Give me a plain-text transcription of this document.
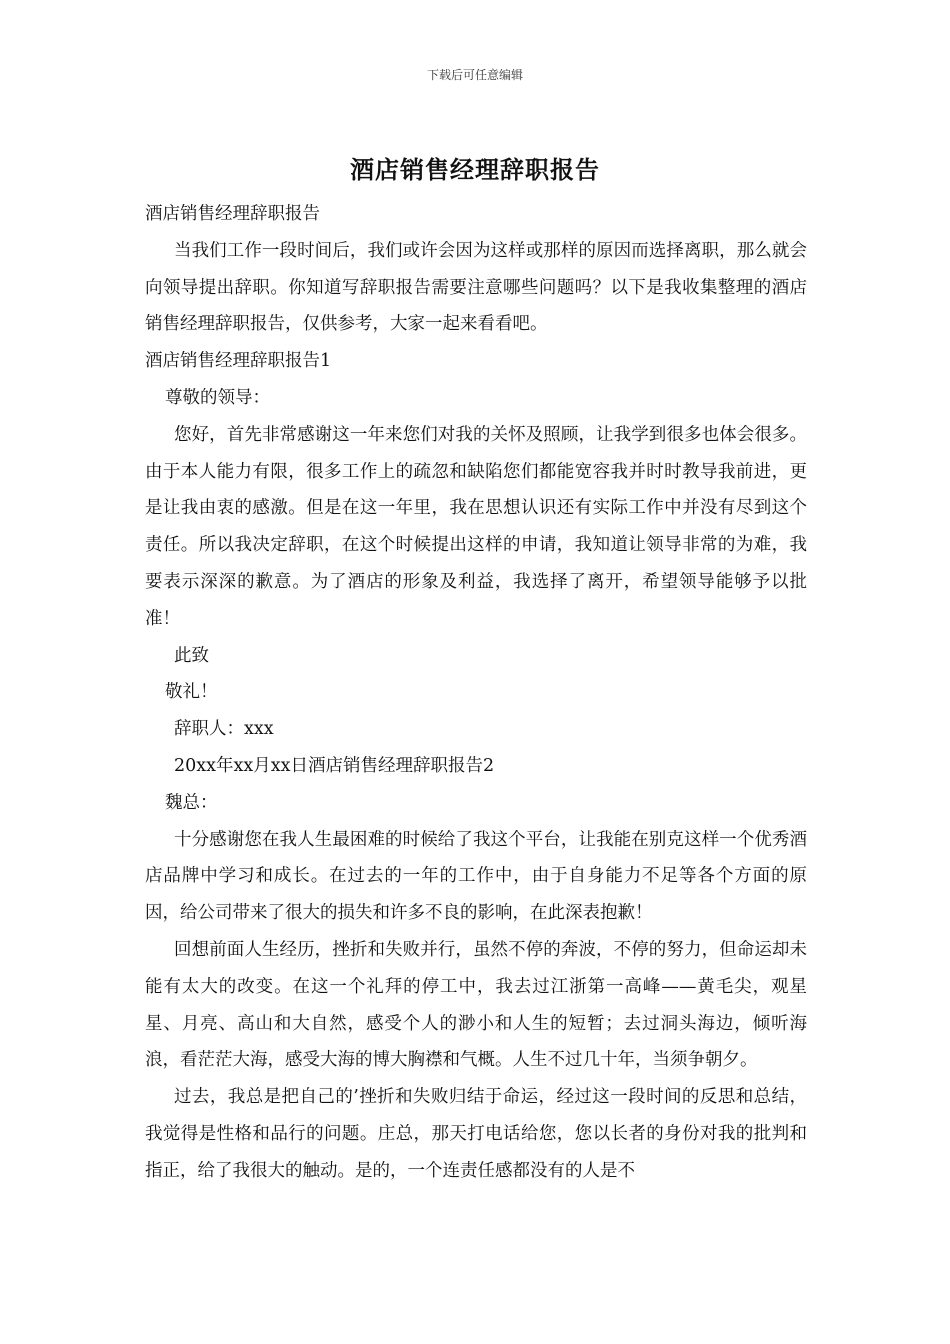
下载后可任意编辑
酒店销售经理辞职报告

酒店销售经理辞职报告

当我们工作一段时间后，我们或许会因为这样或那样的原因而选择离职，那么就会向领导提出辞职。你知道写辞职报告需要注意哪些问题吗？以下是我收集整理的酒店销售经理辞职报告，仅供参考，大家一起来看看吧。

酒店销售经理辞职报告1

尊敬的领导：

您好，首先非常感谢这一年来您们对我的关怀及照顾，让我学到很多也体会很多。由于本人能力有限，很多工作上的疏忽和缺陷您们都能宽容我并时时教导我前进，更是让我由衷的感激。但是在这一年里，我在思想认识还有实际工作中并没有尽到这个责任。所以我决定辞职，在这个时候提出这样的申请，我知道让领导非常的为难，我要表示深深的歉意。为了酒店的形象及利益，我选择了离开，希望领导能够予以批准！

此致

敬礼！

辞职人：xxx

20xx年xx月xx日酒店销售经理辞职报告2

魏总：

十分感谢您在我人生最困难的时候给了我这个平台，让我能在别克这样一个优秀酒店品牌中学习和成长。在过去的一年的工作中，由于自身能力不足等各个方面的原因，给公司带来了很大的损失和许多不良的影响，在此深表抱歉！

回想前面人生经历，挫折和失败并行，虽然不停的奔波，不停的努力，但命运却未能有太大的改变。在这一个礼拜的停工中，我去过江浙第一高峰——黄毛尖，观星星、月亮、高山和大自然，感受个人的渺小和人生的短暂；去过洞头海边，倾听海浪，看茫茫大海，感受大海的博大胸襟和气概。人生不过几十年，当须争朝夕。

过去，我总是把自己的’挫折和失败归结于命运，经过这一段时间的反思和总结，我觉得是性格和品行的问题。庄总，那天打电话给您，您以长者的身份对我的批判和指正，给了我很大的触动。是的，一个连责任感都没有的人是不
